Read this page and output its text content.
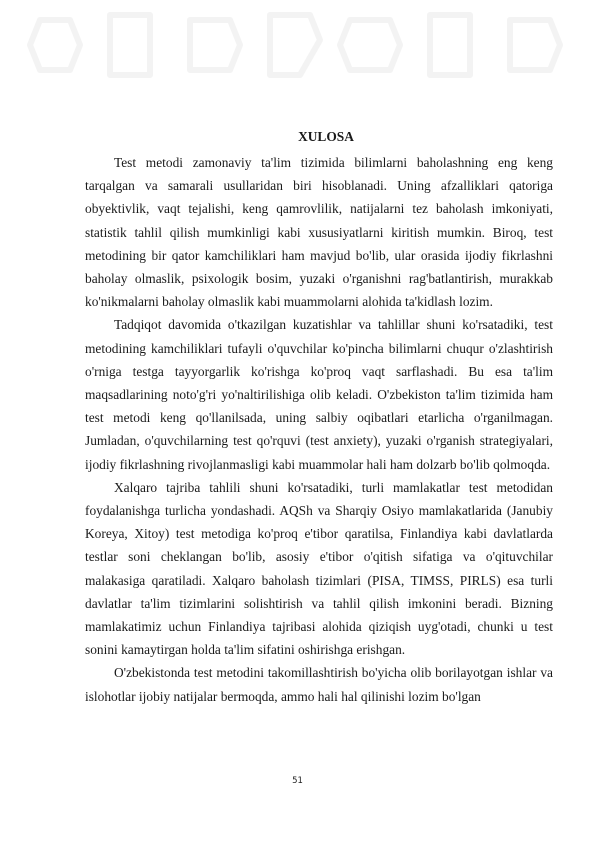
XULOSA

Test metodi zamonaviy ta'lim tizimida bilimlarni baholashning eng keng tarqalgan va samarali usullaridan biri hisoblanadi. Uning afzalliklari qatoriga obyektivlik, vaqt tejalishi, keng qamrovlilik, natijalarni tez baholash imkoniyati, statistik tahlil qilish mumkinligi kabi xususiyatlarni kiritish mumkin. Biroq, test metodining bir qator kamchiliklari ham mavjud bo'lib, ular orasida ijodiy fikrlashni baholay olmaslik, psixologik bosim, yuzaki o'rganishni rag'batlantirish, murakkab ko'nikmalarni baholay olmaslik kabi muammolarni alohida ta'kidlash lozim.

Tadqiqot davomida o'tkazilgan kuzatishlar va tahlillar shuni ko'rsatadiki, test metodining kamchiliklari tufayli o'quvchilar ko'pincha bilimlarni chuqur o'zlashtirish o'rniga testga tayyorgarlik ko'rishga ko'proq vaqt sarflashadi. Bu esa ta'lim maqsadlarining noto'g'ri yo'naltirilishiga olib keladi. O'zbekiston ta'lim tizimida ham test metodi keng qo'llanilsada, uning salbiy oqibatlari etarlicha o'rganilmagan. Jumladan, o'quvchilarning test qo'rquvi (test anxiety), yuzaki o'rganish strategiyalari, ijodiy fikrlashning rivojlanmasligi kabi muammolar hali ham dolzarb bo'lib qolmoqda.

Xalqaro tajriba tahlili shuni ko'rsatadiki, turli mamlakatlar test metodidan foydalanishga turlicha yondashadi. AQSh va Sharqiy Osiyo mamlakatlarida (Janubiy Koreya, Xitoy) test metodiga ko'proq e'tibor qaratilsa, Finlandiya kabi davlatlarda testlar soni cheklangan bo'lib, asosiy e'tibor o'qitish sifatiga va o'qituvchilar malakasiga qaratiladi. Xalqaro baholash tizimlari (PISA, TIMSS, PIRLS) esa turli davlatlar ta'lim tizimlarini solishtirish va tahlil qilish imkonini beradi. Bizning mamlakatimiz uchun Finlandiya tajribasi alohida qiziqish uyg'otadi, chunki u test sonini kamaytirgan holda ta'lim sifatini oshirishga erishgan.

O'zbekistonda test metodini takomillashtirish bo'yicha olib borilayotgan ishlar va islohotlar ijobiy natijalar bermoqda, ammo hali hal qilinishi lozim bo'lgan

51
